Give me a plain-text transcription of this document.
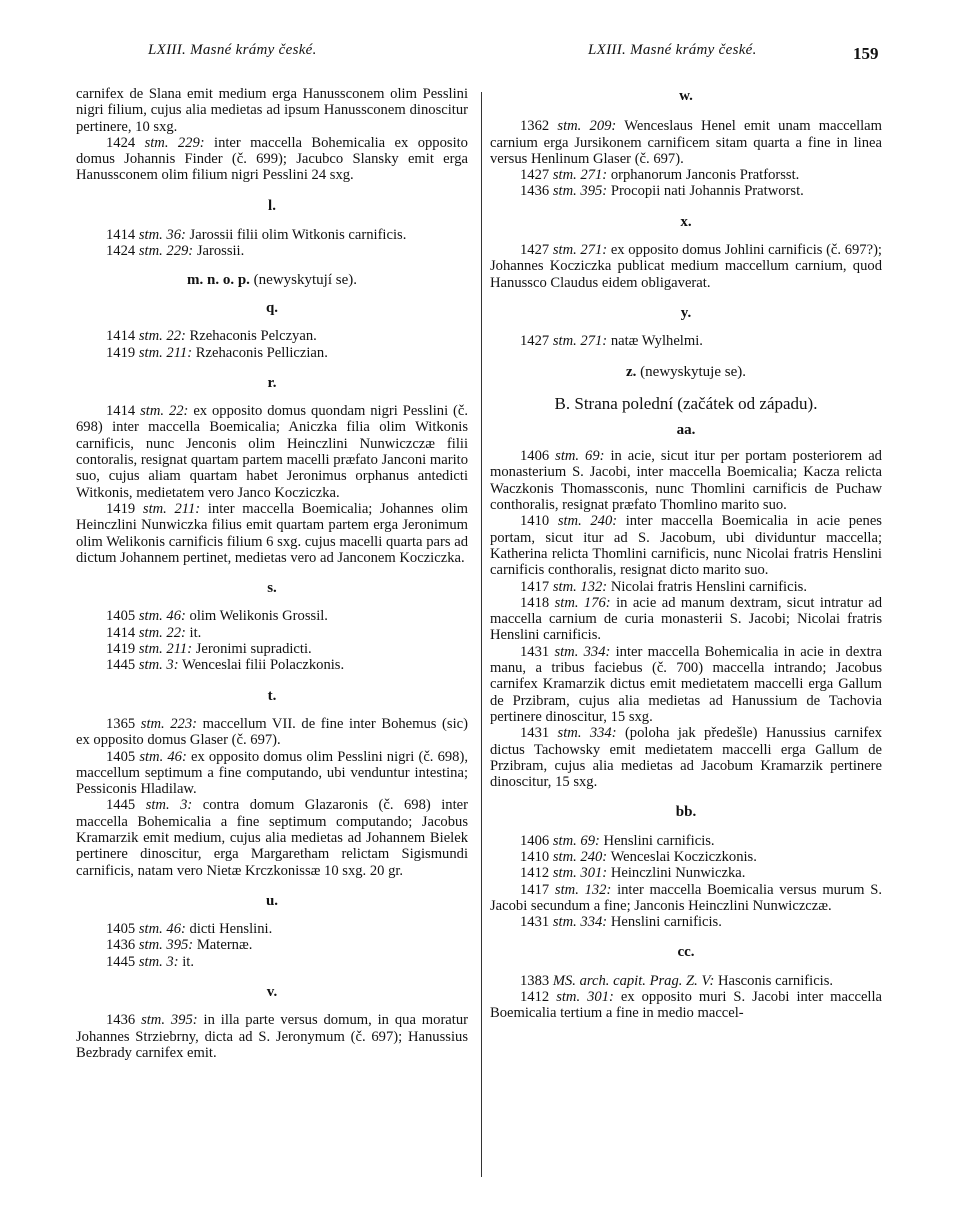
LXIII. Masné krámy české.	LXIII. Masné krámy české.	159

carnifex de Slana emit medium erga Hanussconem olim Pesslini nigri filium, cujus alia medietas ad ipsum Hanussconem dinoscitur pertinere, 10 sxg.

1424 stm. 229: inter maccella Bohemicalia ex opposito domus Johannis Finder (č. 699); Jacubco Slansky emit erga Hanussconem olim filium nigri Pesslini 24 sxg.

l.

1414 stm. 36: Jarossii filii olim Witkonis carnificis.

1424 stm. 229: Jarossii.

m. n. o. p. (newyskytují se).
q.

1414 stm. 22: Rzehaconis Pelczyan.

1419 stm. 211: Rzehaconis Pelliczian.

r.

1414 stm. 22: ex opposito domus quondam nigri Pesslini (č. 698) inter maccella Boemicalia; Aniczka filia olim Witkonis carnificis, nunc Jenconis olim Heinczlini Nunwiczczæ filii contoralis, resignat quartam partem macelli præfato Janconi marito suo, cujus aliam quartam habet Jeronimus orphanus antedicti Witkonis, medietatem vero Janco Kocziczka.

1419 stm. 211: inter maccella Boemicalia; Johannes olim Heinczlini Nunwiczka filius emit quartam partem erga Jeronimum olim Welikonis carnificis filium 6 sxg. cujus macelli quarta pars ad dictum Johannem pertinet, medietas vero ad Janconem Kocziczka.

s.

1405 stm. 46: olim Welikonis Grossil.

1414 stm. 22: it.

1419 stm. 211: Jeronimi supradicti.

1445 stm. 3: Wenceslai filii Polaczkonis.

t.

1365 stm. 223: maccellum VII. de fine inter Bohemus (sic) ex opposito domus Glaser (č. 697).

1405 stm. 46: ex opposito domus olim Pesslini nigri (č. 698), maccellum septimum a fine computando, ubi venduntur intestina; Pessiconis Hladilaw.

1445 stm. 3: contra domum Glazaronis (č. 698) inter maccella Bohemicalia a fine septimum computando; Jacobus Kramarzik emit medium, cujus alia medietas ad Johannem Bielek pertinere dinoscitur, erga Margaretham relictam Sigismundi carnificis, natam vero Nietæ Krczkonissæ 10 sxg. 20 gr.

u.

1405 stm. 46: dicti Henslini.

1436 stm. 395: Maternæ.

1445 stm. 3: it.

v.

1436 stm. 395: in illa parte versus domum, in qua moratur Johannes Strziebrny, dicta ad S. Jeronymum (č. 697); Hanussius Bezbrady carnifex emit.

w.

1362 stm. 209: Wenceslaus Henel emit unam maccellam carnium erga Jursikonem carnificem sitam quarta a fine in linea versus Henlinum Glaser (č. 697).

1427 stm. 271: orphanorum Janconis Pratforsst.

1436 stm. 395: Procopii nati Johannis Pratworst.

x.

1427 stm. 271: ex opposito domus Johlini carnificis (č. 697?); Johannes Kocziczka publicat medium maccellum carnium, quod Hanussco Claudus eidem obligaverat.

y.

1427 stm. 271: natæ Wylhelmi.

z. (newyskytuje se).
B. Strana polední (začátek od západu).
aa.

1406 stm. 69: in acie, sicut itur per portam posteriorem ad monasterium S. Jacobi, inter maccella Boemicalia; Kacza relicta Waczkonis Thomassconis, nunc Thomlini carnificis de Puchaw conthoralis, resignat præfato Thomlino marito suo.

1410 stm. 240: inter maccella Boemicalia in acie penes portam, sicut itur ad S. Jacobum, ubi dividuntur maccella; Katherina relicta Thomlini carnificis, nunc Nicolai fratris Henslini carnificis conthoralis, resignat dicto marito suo.

1417 stm. 132: Nicolai fratris Henslini carnificis.

1418 stm. 176: in acie ad manum dextram, sicut intratur ad maccella carnium de curia monasterii S. Jacobi; Nicolai fratris Henslini carnificis.

1431 stm. 334: inter maccella Bohemicalia in acie in dextra manu, a tribus faciebus (č. 700) maccella intrando; Jacobus carnifex Kramarzik dictus emit medietatem maccelli erga Gallum de Przibram, cujus alia medietas ad Hanussium de Tachovia pertinere dinoscitur, 15 sxg.

1431 stm. 334: (poloha jak předešle) Hanussius carnifex dictus Tachowsky emit medietatem maccelli erga Gallum de Przibram, cujus alia medietas ad Jacobum Kramarzik pertinere dinoscitur, 15 sxg.

bb.

1406 stm. 69: Henslini carnificis.

1410 stm. 240: Wenceslai Kocziczkonis.

1412 stm. 301: Heinczlini Nunwiczka.

1417 stm. 132: inter maccella Boemicalia versus murum S. Jacobi secundum a fine; Janconis Heinczlini Nunwiczczæ.

1431 stm. 334: Henslini carnificis.

cc.

1383 MS. arch. capit. Prag. Z. V: Hasconis carnificis.

1412 stm. 301: ex opposito muri S. Jacobi inter maccella Boemicalia tertium a fine in medio maccel-
